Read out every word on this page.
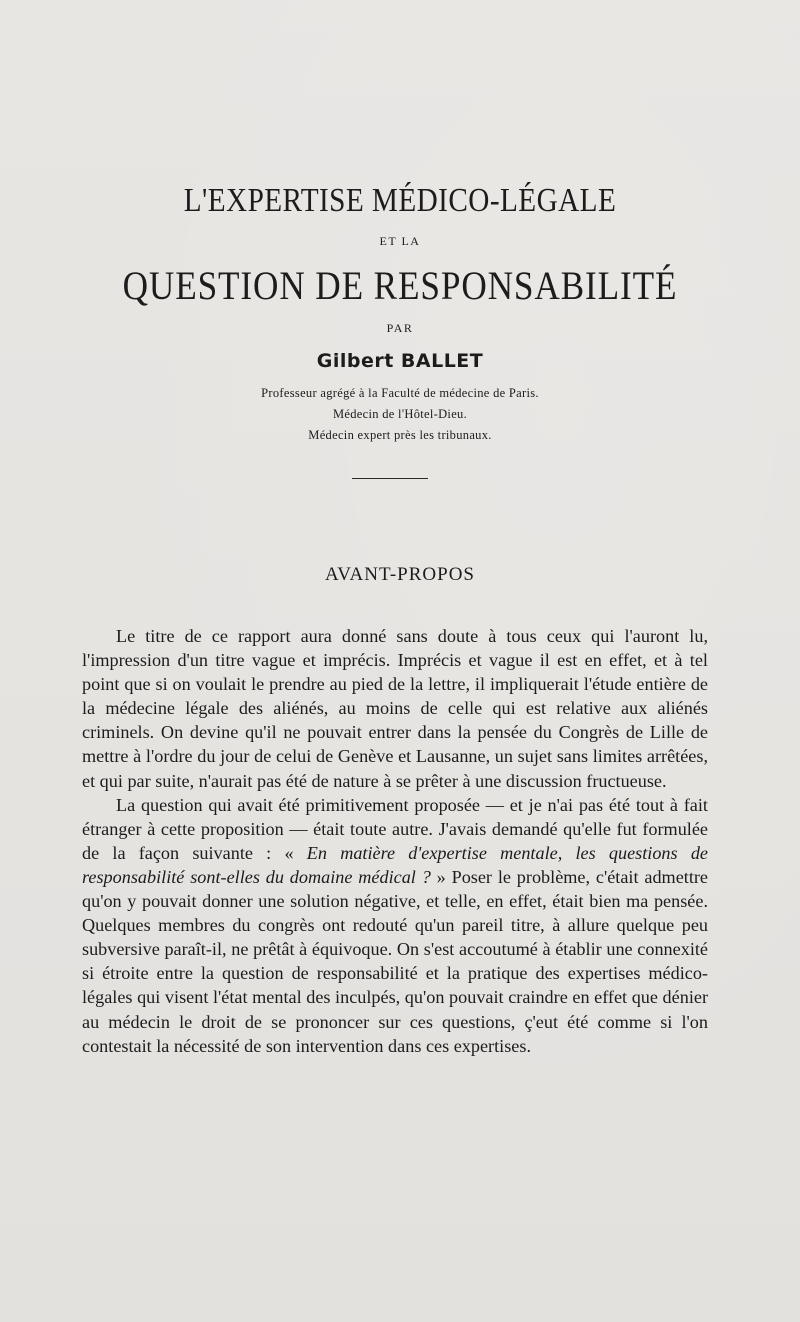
L'EXPERTISE MÉDICO-LÉGALE
ET LA
QUESTION DE RESPONSABILITÉ
PAR
Gilbert BALLET
Professeur agrégé à la Faculté de médecine de Paris.
Médecin de l'Hôtel-Dieu.
Médecin expert près les tribunaux.
AVANT-PROPOS

Le titre de ce rapport aura donné sans doute à tous ceux qui l'auront lu, l'impression d'un titre vague et imprécis. Imprécis et vague il est en effet, et à tel point que si on voulait le prendre au pied de la lettre, il impliquerait l'étude entière de la médecine légale des aliénés, au moins de celle qui est relative aux aliénés criminels. On devine qu'il ne pouvait entrer dans la pensée du Congrès de Lille de mettre à l'ordre du jour de celui de Genève et Lausanne, un sujet sans limites arrêtées, et qui par suite, n'aurait pas été de nature à se prêter à une discussion fructueuse.

La question qui avait été primitivement proposée — et je n'ai pas été tout à fait étranger à cette proposition — était toute autre. J'avais demandé qu'elle fut formulée de la façon suivante : « En matière d'expertise mentale, les questions de responsabilité sont-elles du domaine médical ? » Poser le problème, c'était admettre qu'on y pouvait donner une solution négative, et telle, en effet, était bien ma pensée. Quelques membres du congrès ont redouté qu'un pareil titre, à allure quelque peu subversive paraît-il, ne prêtât à équivoque. On s'est accoutumé à établir une connexité si étroite entre la question de responsabilité et la pratique des expertises médico-légales qui visent l'état mental des inculpés, qu'on pouvait craindre en effet que dénier au médecin le droit de se prononcer sur ces questions, ç'eut été comme si l'on contestait la nécessité de son intervention dans ces expertises.
